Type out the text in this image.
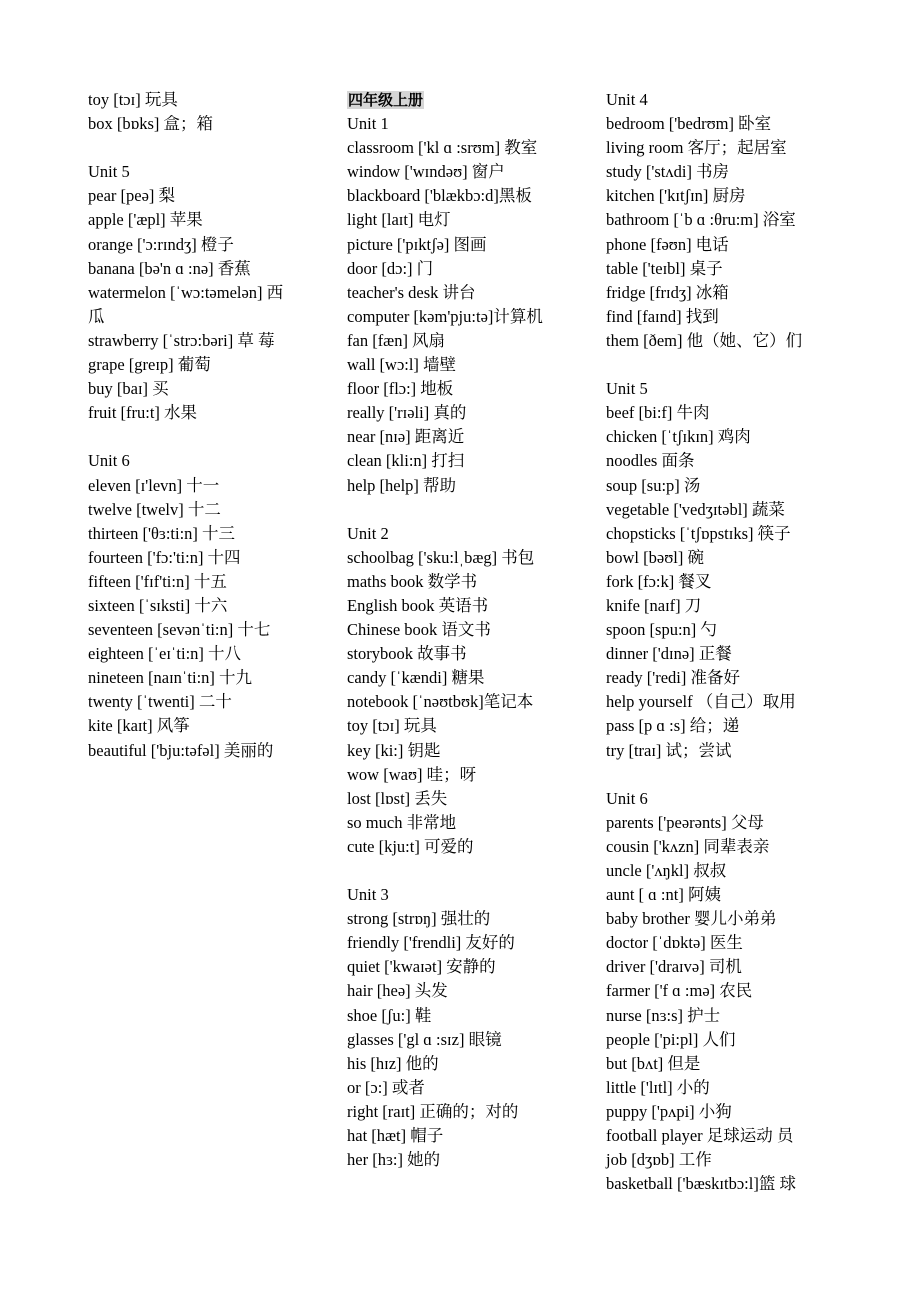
toy [tɔɪ] 玩具
box [bɒks] 盒；箱
Unit 5
pear [peə] 梨
apple ['æpl] 苹果
orange ['ɔ:rɪndʒ] 橙子
banana [bə'n ɑ :nə] 香蕉
watermelon [ˈwɔ:təmelən] 西
瓜
strawberry [ˈstrɔ:bəri] 草 莓
grape [greɪp] 葡萄
buy [baɪ] 买
fruit [fru:t] 水果
Unit 6
eleven [ɪ'levn] 十一
twelve [twelv] 十二
thirteen ['θɜ:ti:n] 十三
fourteen ['fɔ:'ti:n] 十四
fifteen ['fɪf'ti:n] 十五
sixteen [ˈsɪksti] 十六
seventeen [sevənˈti:n] 十七
eighteen [ˈeɪˈti:n] 十八
nineteen [naɪnˈti:n] 十九
twenty [ˈtwenti] 二十
kite [kaɪt] 风筝
beautiful ['bju:təfəl] 美丽的
四年级上册
Unit 1
classroom ['kl ɑ :srʊm] 教室
window ['wɪndəʊ] 窗户
blackboard ['blækbɔ:d]黑板
light [laɪt] 电灯
picture ['pɪktʃə] 图画
door [dɔ:] 门
teacher's desk 讲台
computer [kəm'pju:tə]计算机
fan [fæn] 风扇
wall [wɔ:l] 墙壁
floor [flɔ:] 地板
really ['rɪəli] 真的
near [nɪə] 距离近
clean [kli:n] 打扫
help [help] 帮助
Unit 2
schoolbag ['sku:lˌbæg] 书包
maths book 数学书
English book 英语书
Chinese book 语文书
storybook 故事书
candy [ˈkændi] 糖果
notebook [ˈnəʊtbʊk]笔记本
toy [tɔɪ] 玩具
key [ki:] 钥匙
wow [waʊ] 哇；呀
lost [lɒst] 丢失
so much 非常地
cute [kju:t] 可爱的
Unit 3
strong [strɒŋ] 强壮的
friendly ['frendli] 友好的
quiet ['kwaɪət] 安静的
hair [heə] 头发
shoe [ʃu:] 鞋
glasses ['gl ɑ :sɪz] 眼镜
his [hɪz] 他的
or [ɔ:] 或者
right [raɪt] 正确的；对的
hat [hæt] 帽子
her [hɜ:] 她的
Unit 4
bedroom ['bedrʊm] 卧室
living room 客厅；起居室
study ['stʌdi] 书房
kitchen ['kɪtʃɪn] 厨房
bathroom [ˈb ɑ :θru:m] 浴室
phone [fəʊn] 电话
table ['teɪbl] 桌子
fridge [frɪdʒ] 冰箱
find [faɪnd] 找到
them [ðem] 他（她、它）们
Unit 5
beef [bi:f] 牛肉
chicken [ˈtʃɪkɪn] 鸡肉
noodles 面条
soup [su:p] 汤
vegetable ['vedʒɪtəbl] 蔬菜
chopsticks [ˈtʃɒpstɪks] 筷子
bowl [bəʊl] 碗
fork [fɔ:k] 餐叉
knife [naɪf] 刀
spoon [spu:n] 勺
dinner ['dɪnə] 正餐
ready ['redi] 准备好
help yourself （自己）取用
pass [p ɑ :s] 给；递
try [traɪ] 试；尝试
Unit 6
parents ['peərənts] 父母
cousin ['kʌzn] 同辈表亲
uncle ['ʌŋkl] 叔叔
aunt [ ɑ :nt] 阿姨
baby brother 婴儿小弟弟
doctor [ˈdɒktə] 医生
driver ['draɪvə] 司机
farmer ['f ɑ :mə] 农民
nurse [nɜ:s] 护士
people ['pi:pl] 人们
but [bʌt] 但是
little ['lɪtl] 小的
puppy ['pʌpi] 小狗
football player 足球运动 员
job [dʒɒb] 工作
basketball ['bæskɪtbɔ:l]篮 球
